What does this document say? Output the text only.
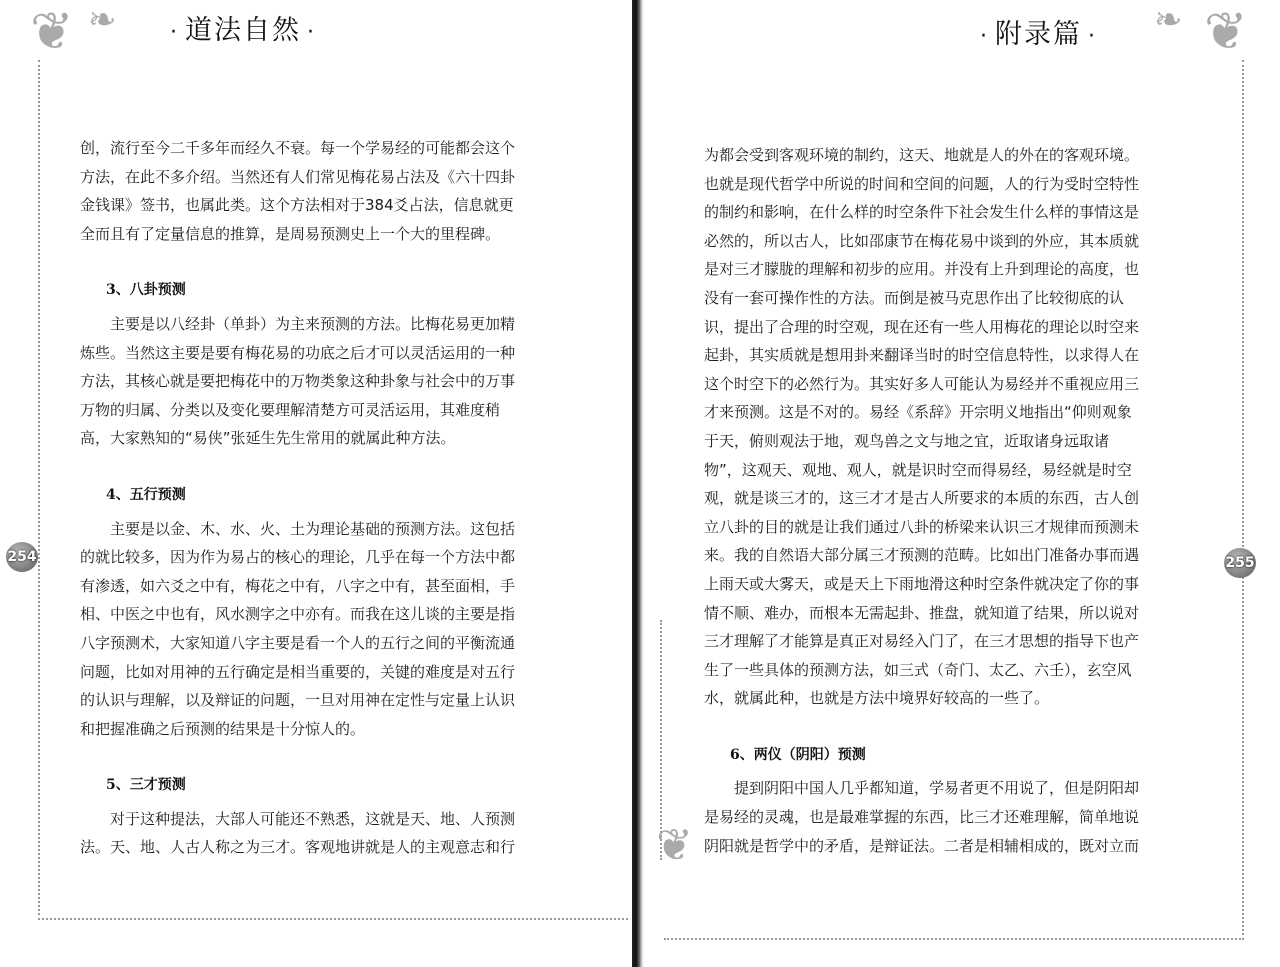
❦ ❧ · 道法自然 ·

创，流行至今二千多年而经久不衰。每一个学易经的可能都会这个

方法，在此不多介绍。当然还有人们常见梅花易占法及《六十四卦

金钱课》签书，也属此类。这个方法相对于384爻占法，信息就更

全而且有了定量信息的推算，是周易预测史上一个大的里程碑。

3、八卦预测

主要是以八经卦（单卦）为主来预测的方法。比梅花易更加精

炼些。当然这主要是要有梅花易的功底之后才可以灵活运用的一种

方法，其核心就是要把梅花中的万物类象这种卦象与社会中的万事

万物的归属、分类以及变化要理解清楚方可灵活运用，其难度稍

高，大家熟知的“易侠”张延生先生常用的就属此种方法。

4、五行预测

主要是以金、木、水、火、土为理论基础的预测方法。这包括

的就比较多，因为作为易占的核心的理论，几乎在每一个方法中都

有渗透，如六爻之中有，梅花之中有，八字之中有，甚至面相，手

相、中医之中也有，风水测字之中亦有。而我在这儿谈的主要是指

八字预测术，大家知道八字主要是看一个人的五行之间的平衡流通

问题，比如对用神的五行确定是相当重要的，关键的难度是对五行

的认识与理解，以及辩证的问题，一旦对用神在定性与定量上认识

和把握准确之后预测的结果是十分惊人的。

5、三才预测

对于这种提法，大部人可能还不熟悉，这就是天、地、人预测

法。天、地、人古人称之为三才。客观地讲就是人的主观意志和行

254
❦
❧
❦
· 附录篇 ·

为都会受到客观环境的制约，这天、地就是人的外在的客观环境。

也就是现代哲学中所说的时间和空间的问题，人的行为受时空特性

的制约和影响，在什么样的时空条件下社会发生什么样的事情这是

必然的，所以古人，比如邵康节在梅花易中谈到的外应，其本质就

是对三才朦胧的理解和初步的应用。并没有上升到理论的高度，也

没有一套可操作性的方法。而倒是被马克思作出了比较彻底的认

识，提出了合理的时空观，现在还有一些人用梅花的理论以时空来

起卦，其实质就是想用卦来翻译当时的时空信息特性，以求得人在

这个时空下的必然行为。其实好多人可能认为易经并不重视应用三

才来预测。这是不对的。易经《系辞》开宗明义地指出“仰则观象

于天，俯则观法于地，观鸟兽之文与地之宜，近取诸身远取诸

物”，这观天、观地、观人，就是识时空而得易经，易经就是时空

观，就是谈三才的，这三才才是古人所要求的本质的东西，古人创

立八卦的目的就是让我们通过八卦的桥梁来认识三才规律而预测未

来。我的自然语大部分属三才预测的范畴。比如出门准备办事而遇

上雨天或大雾天，或是天上下雨地滑这种时空条件就决定了你的事

情不顺、难办，而根本无需起卦、推盘，就知道了结果，所以说对

三才理解了才能算是真正对易经入门了，在三才思想的指导下也产

生了一些具体的预测方法，如三式（奇门、太乙、六壬），玄空风

水，就属此种，也就是方法中境界好较高的一些了。

6、两仪（阴阳）预测

提到阴阳中国人几乎都知道，学易者更不用说了，但是阴阳却

是易经的灵魂，也是最难掌握的东西，比三才还难理解，简单地说

阴阳就是哲学中的矛盾，是辩证法。二者是相辅相成的，既对立而

255
